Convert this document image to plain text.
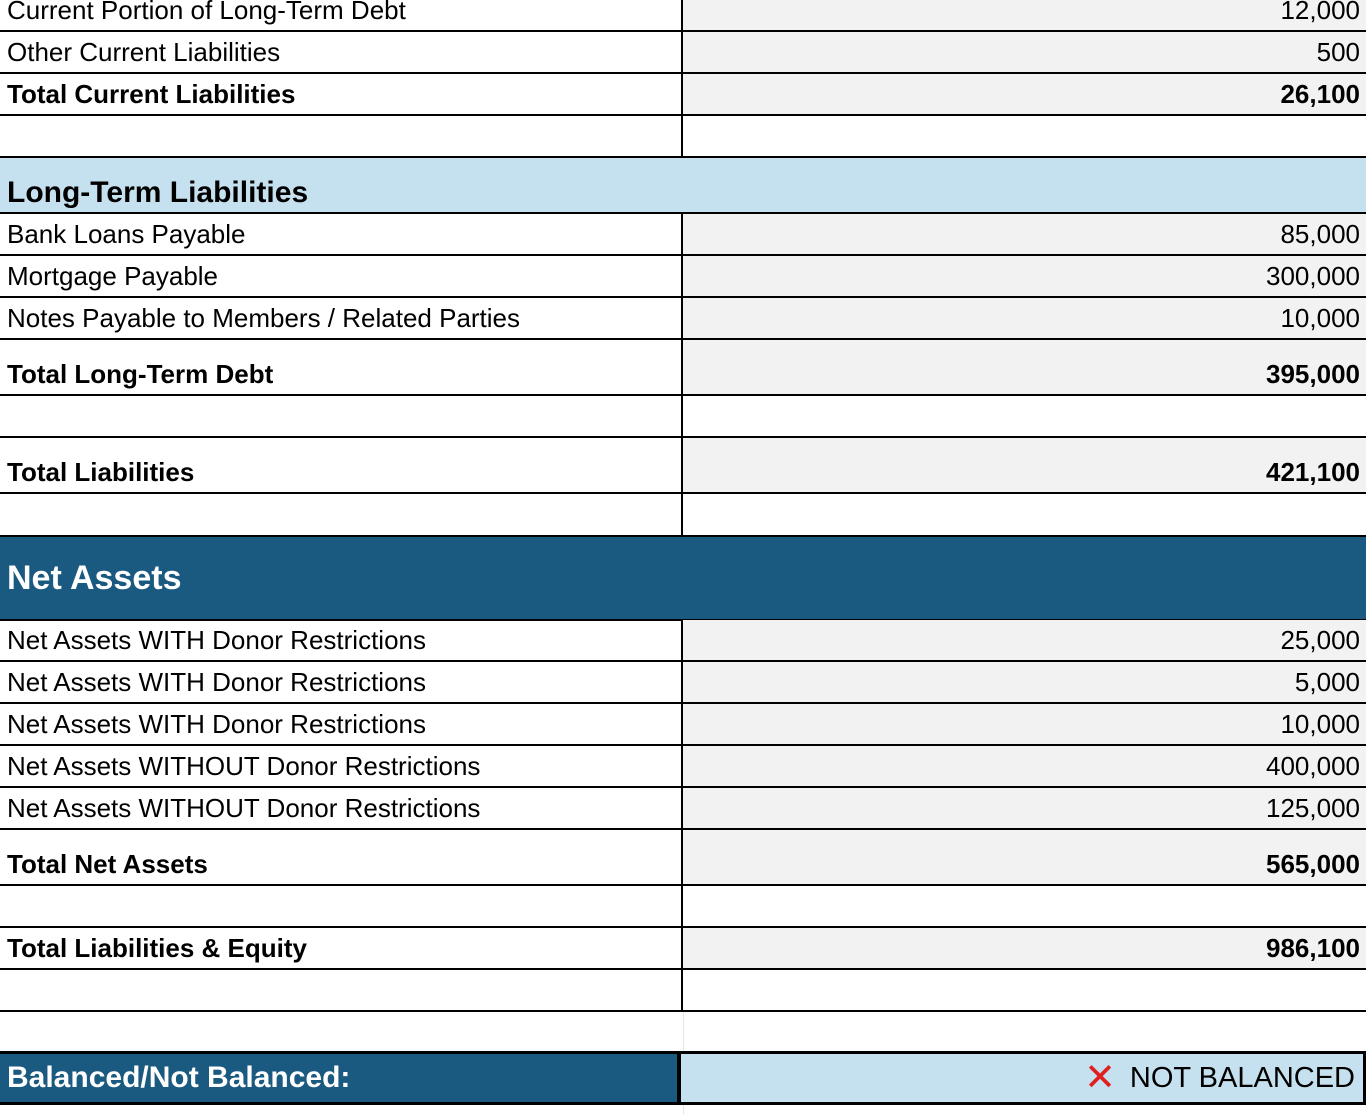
Current Portion of Long-Term Debt	12,000
Other Current Liabilities	500
Total Current Liabilities	26,100
Long-Term Liabilities
Bank Loans Payable	85,000
Mortgage Payable	300,000
Notes Payable to Members / Related Parties	10,000
Total Long-Term Debt	395,000
Total Liabilities	421,100
Net Assets
Net Assets WITH Donor Restrictions	25,000
Net Assets WITH Donor Restrictions	5,000
Net Assets WITH Donor Restrictions	10,000
Net Assets WITHOUT Donor Restrictions	400,000
Net Assets WITHOUT Donor Restrictions	125,000
Total Net Assets	565,000
Total Liabilities & Equity	986,100
Balanced/Not Balanced:	✕ NOT BALANCED
